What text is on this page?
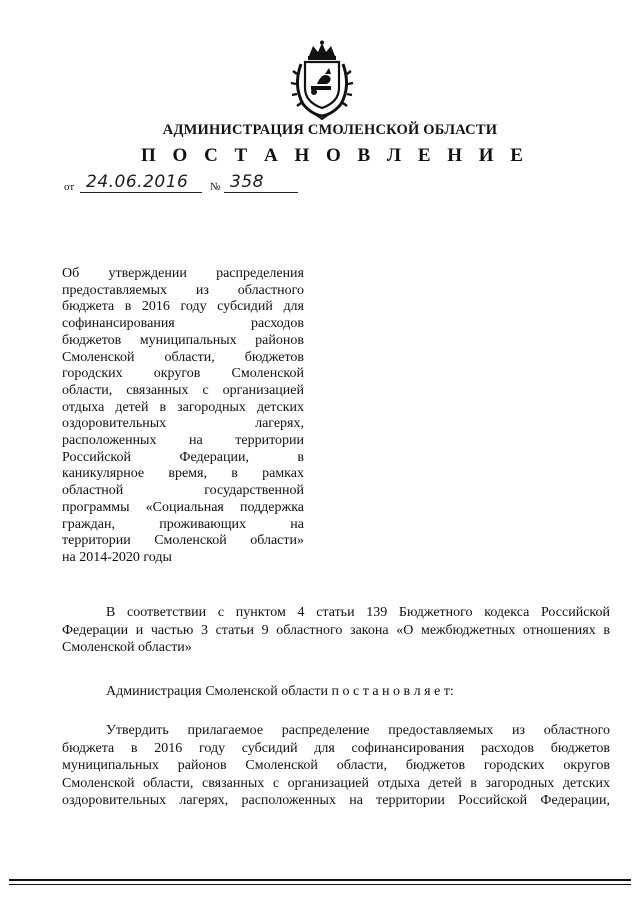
АДМИНИСТРАЦИЯ СМОЛЕНСКОЙ ОБЛАСТИ
П О С Т А Н О В Л Е Н И Е
от 24.06.2016 № 358
Об утверждении распределения
предоставляемых из областного
бюджета в 2016 году субсидий для
софинансирования расходов
бюджетов муниципальных районов
Смоленской области, бюджетов
городских округов Смоленской
области, связанных с организацией
отдыха детей в загородных детских
оздоровительных лагерях,
расположенных на территории
Российской Федерации, в
каникулярное время, в рамках
областной государственной
программы «Социальная поддержка
граждан, проживающих на
территории Смоленской области»
на 2014-2020 годы
В соответствии с пунктом 4 статьи 139 Бюджетного кодекса Российской
Федерации и частью 3 статьи 9 областного закона «О межбюджетных отношениях в
Смоленской области»
Администрация Смоленской области п о с т а н о в л я е т:
Утвердить прилагаемое распределение предоставляемых из областного
бюджета в 2016 году субсидий для софинансирования расходов бюджетов
муниципальных районов Смоленской области, бюджетов городских округов
Смоленской области, связанных с организацией отдыха детей в загородных детских
оздоровительных лагерях, расположенных на территории Российской Федерации,
